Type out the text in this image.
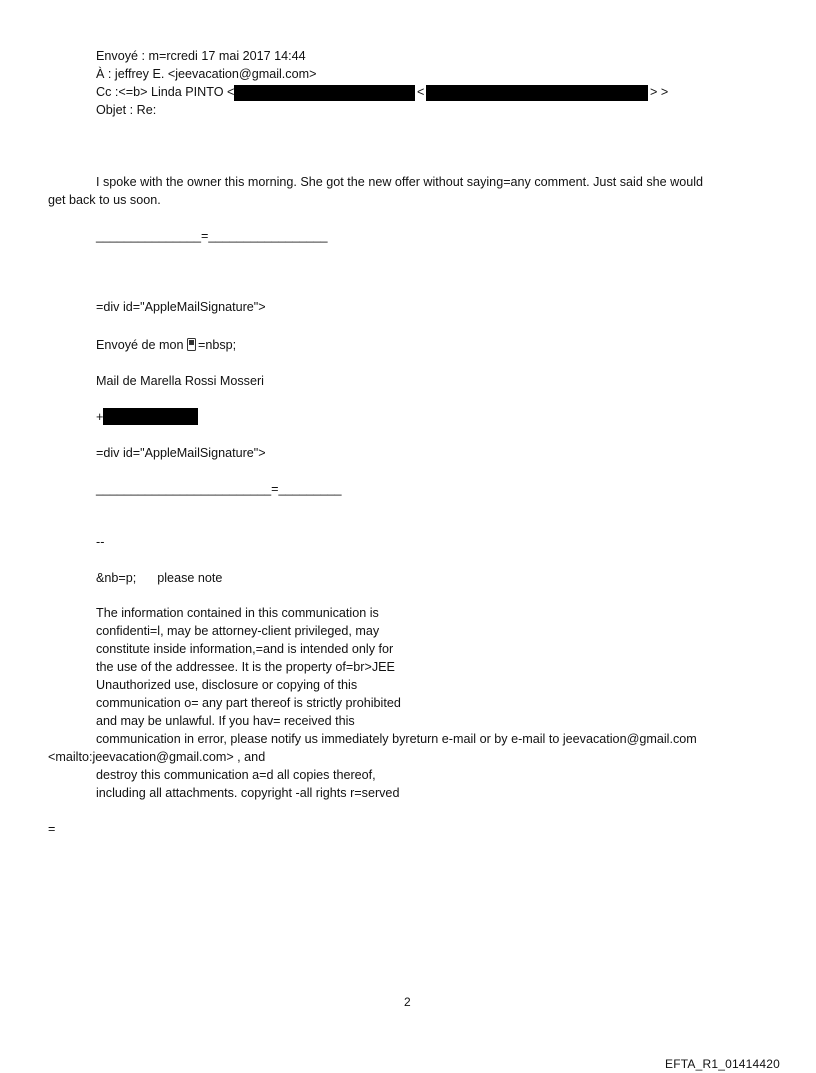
Envoyé : m=rcredi 17 mai 2017 14:44
À : jeffrey E. <jeevacation@gmail.com>
Cc :<=b> Linda PINTO <	<	> >
Objet : Re:
I spoke with the owner this morning. She got the new offer without saying=any comment. Just said she would
get back to us soon.
_______________=_________________
=div id="AppleMailSignature">
Envoyé de mon =nbsp;
Mail de Marella Rossi Mosseri
+
=div id="AppleMailSignature">
_________________________=_________
--
&nb=p;      please note
The information contained in this communication is
confidenti=l, may be attorney-client privileged, may
constitute inside information,=and is intended only for
the use of the addressee. It is the property of=br>JEE
Unauthorized use, disclosure or copying of this
communication o= any part thereof is strictly prohibited
and may be unlawful. If you hav= received this
communication in error, please notify us immediately byreturn e-mail or by e-mail to jeevacation@gmail.com
<mailto:jeevacation@gmail.com> , and
destroy this communication a=d all copies thereof,
including all attachments. copyright -all rights r=served
=
2
EFTA_R1_01414420
